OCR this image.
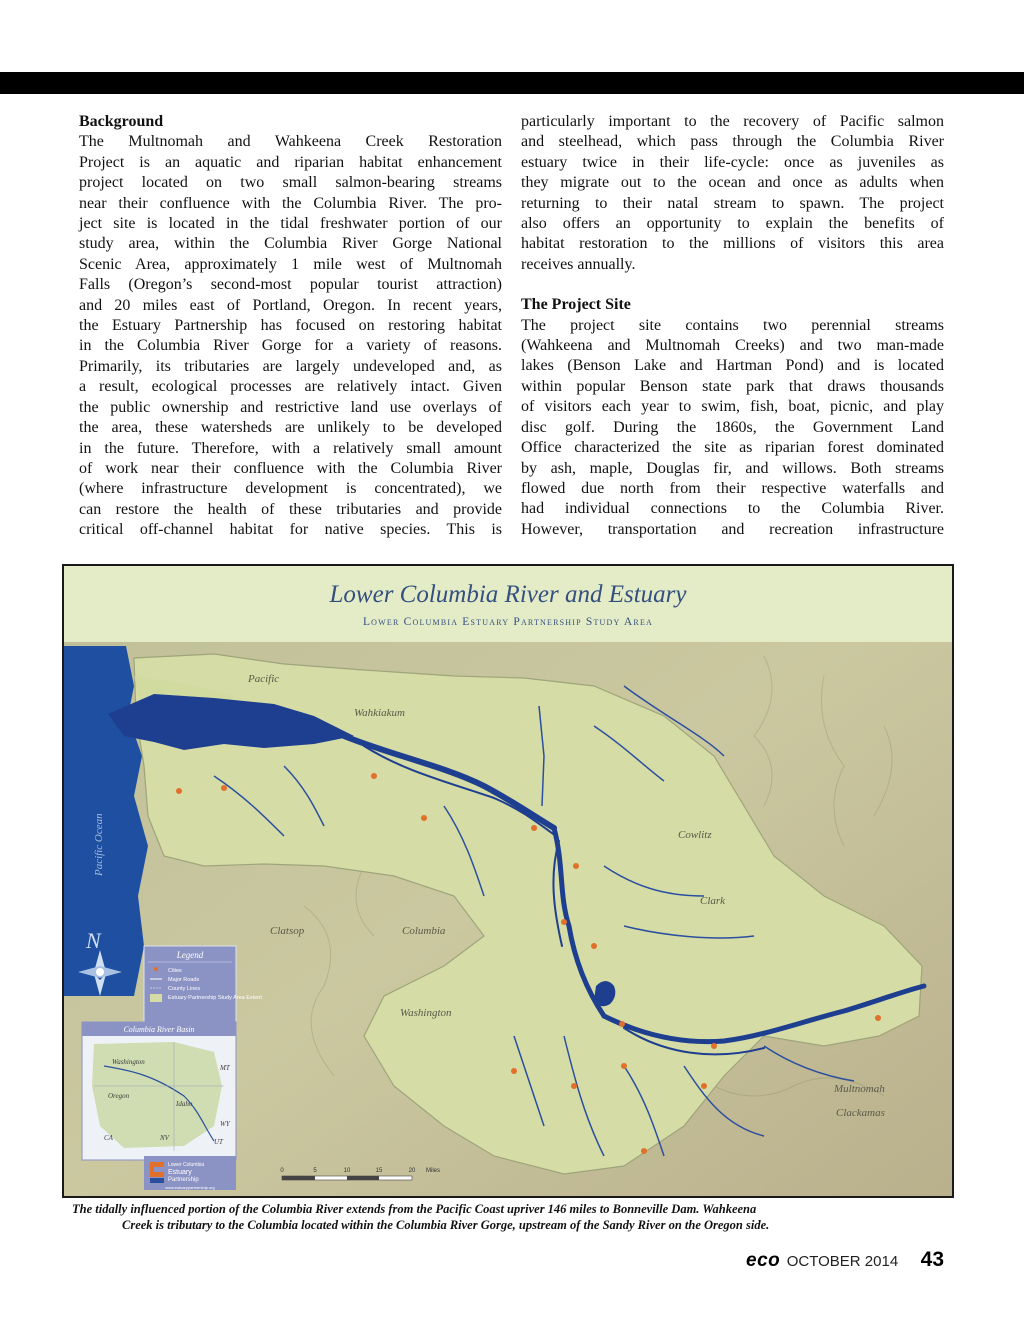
Background
The Multnomah and Wahkeena Creek Restoration
Project is an aquatic and riparian habitat enhancement
project located on two small salmon-bearing streams
near their confluence with the Columbia River. The pro-
ject site is located in the tidal freshwater portion of our
study area, within the Columbia River Gorge National
Scenic Area, approximately 1 mile west of Multnomah
Falls (Oregon’s second-most popular tourist attraction)
and 20 miles east of Portland, Oregon. In recent years,
the Estuary Partnership has focused on restoring habitat
in the Columbia River Gorge for a variety of reasons.
Primarily, its tributaries are largely undeveloped and, as
a result, ecological processes are relatively intact. Given
the public ownership and restrictive land use overlays of
the area, these watersheds are unlikely to be developed
in the future. Therefore, with a relatively small amount
of work near their confluence with the Columbia River
(where infrastructure development is concentrated), we
can restore the health of these tributaries and provide
critical off-channel habitat for native species. This is
particularly important to the recovery of Pacific salmon
and steelhead, which pass through the Columbia River
estuary twice in their life-cycle: once as juveniles as
they migrate out to the ocean and once as adults when
returning to their natal stream to spawn. The project
also offers an opportunity to explain the benefits of
habitat restoration to the millions of visitors this area
receives annually.
The Project Site
The project site contains two perennial streams
(Wahkeena and Multnomah Creeks) and two man-made
lakes (Benson Lake and Hartman Pond) and is located
within popular Benson state park that draws thousands
of visitors each year to swim, fish, boat, picnic, and play
disc golf. During the 1860s, the Government Land
Office characterized the site as riparian forest dominated
by ash, maple, Douglas fir, and willows. Both streams
flowed due north from their respective waterfalls and
had individual connections to the Columbia River.
However, transportation and recreation infrastructure
Lower Columbia River and Estuary
Lower Columbia Estuary Partnership Study Area
Pacific
Wahkiakum
Cowlitz
Clark
Clatsop	Columbia
Washington
Multnomah
Clackamas
Pacific Ocean
N
Legend
Cities
Major Roads
County Lines
Estuary Partnership Study Area Extent
Columbia River Basin
Washington
Oregon
Idaho
MT
WY
UT
NV
CA
Lower Columbia
Estuary
Partnership
www.estuarypartnership.org
0	5	10	15	20 Miles
The tidally influenced portion of the Columbia River extends from the Pacific Coast upriver 146 miles to Bonneville Dam. Wahkeena
Creek is tributary to the Columbia located within the Columbia River Gorge, upstream of the Sandy River on the Oregon side.
eco OCTOBER 2014 43
